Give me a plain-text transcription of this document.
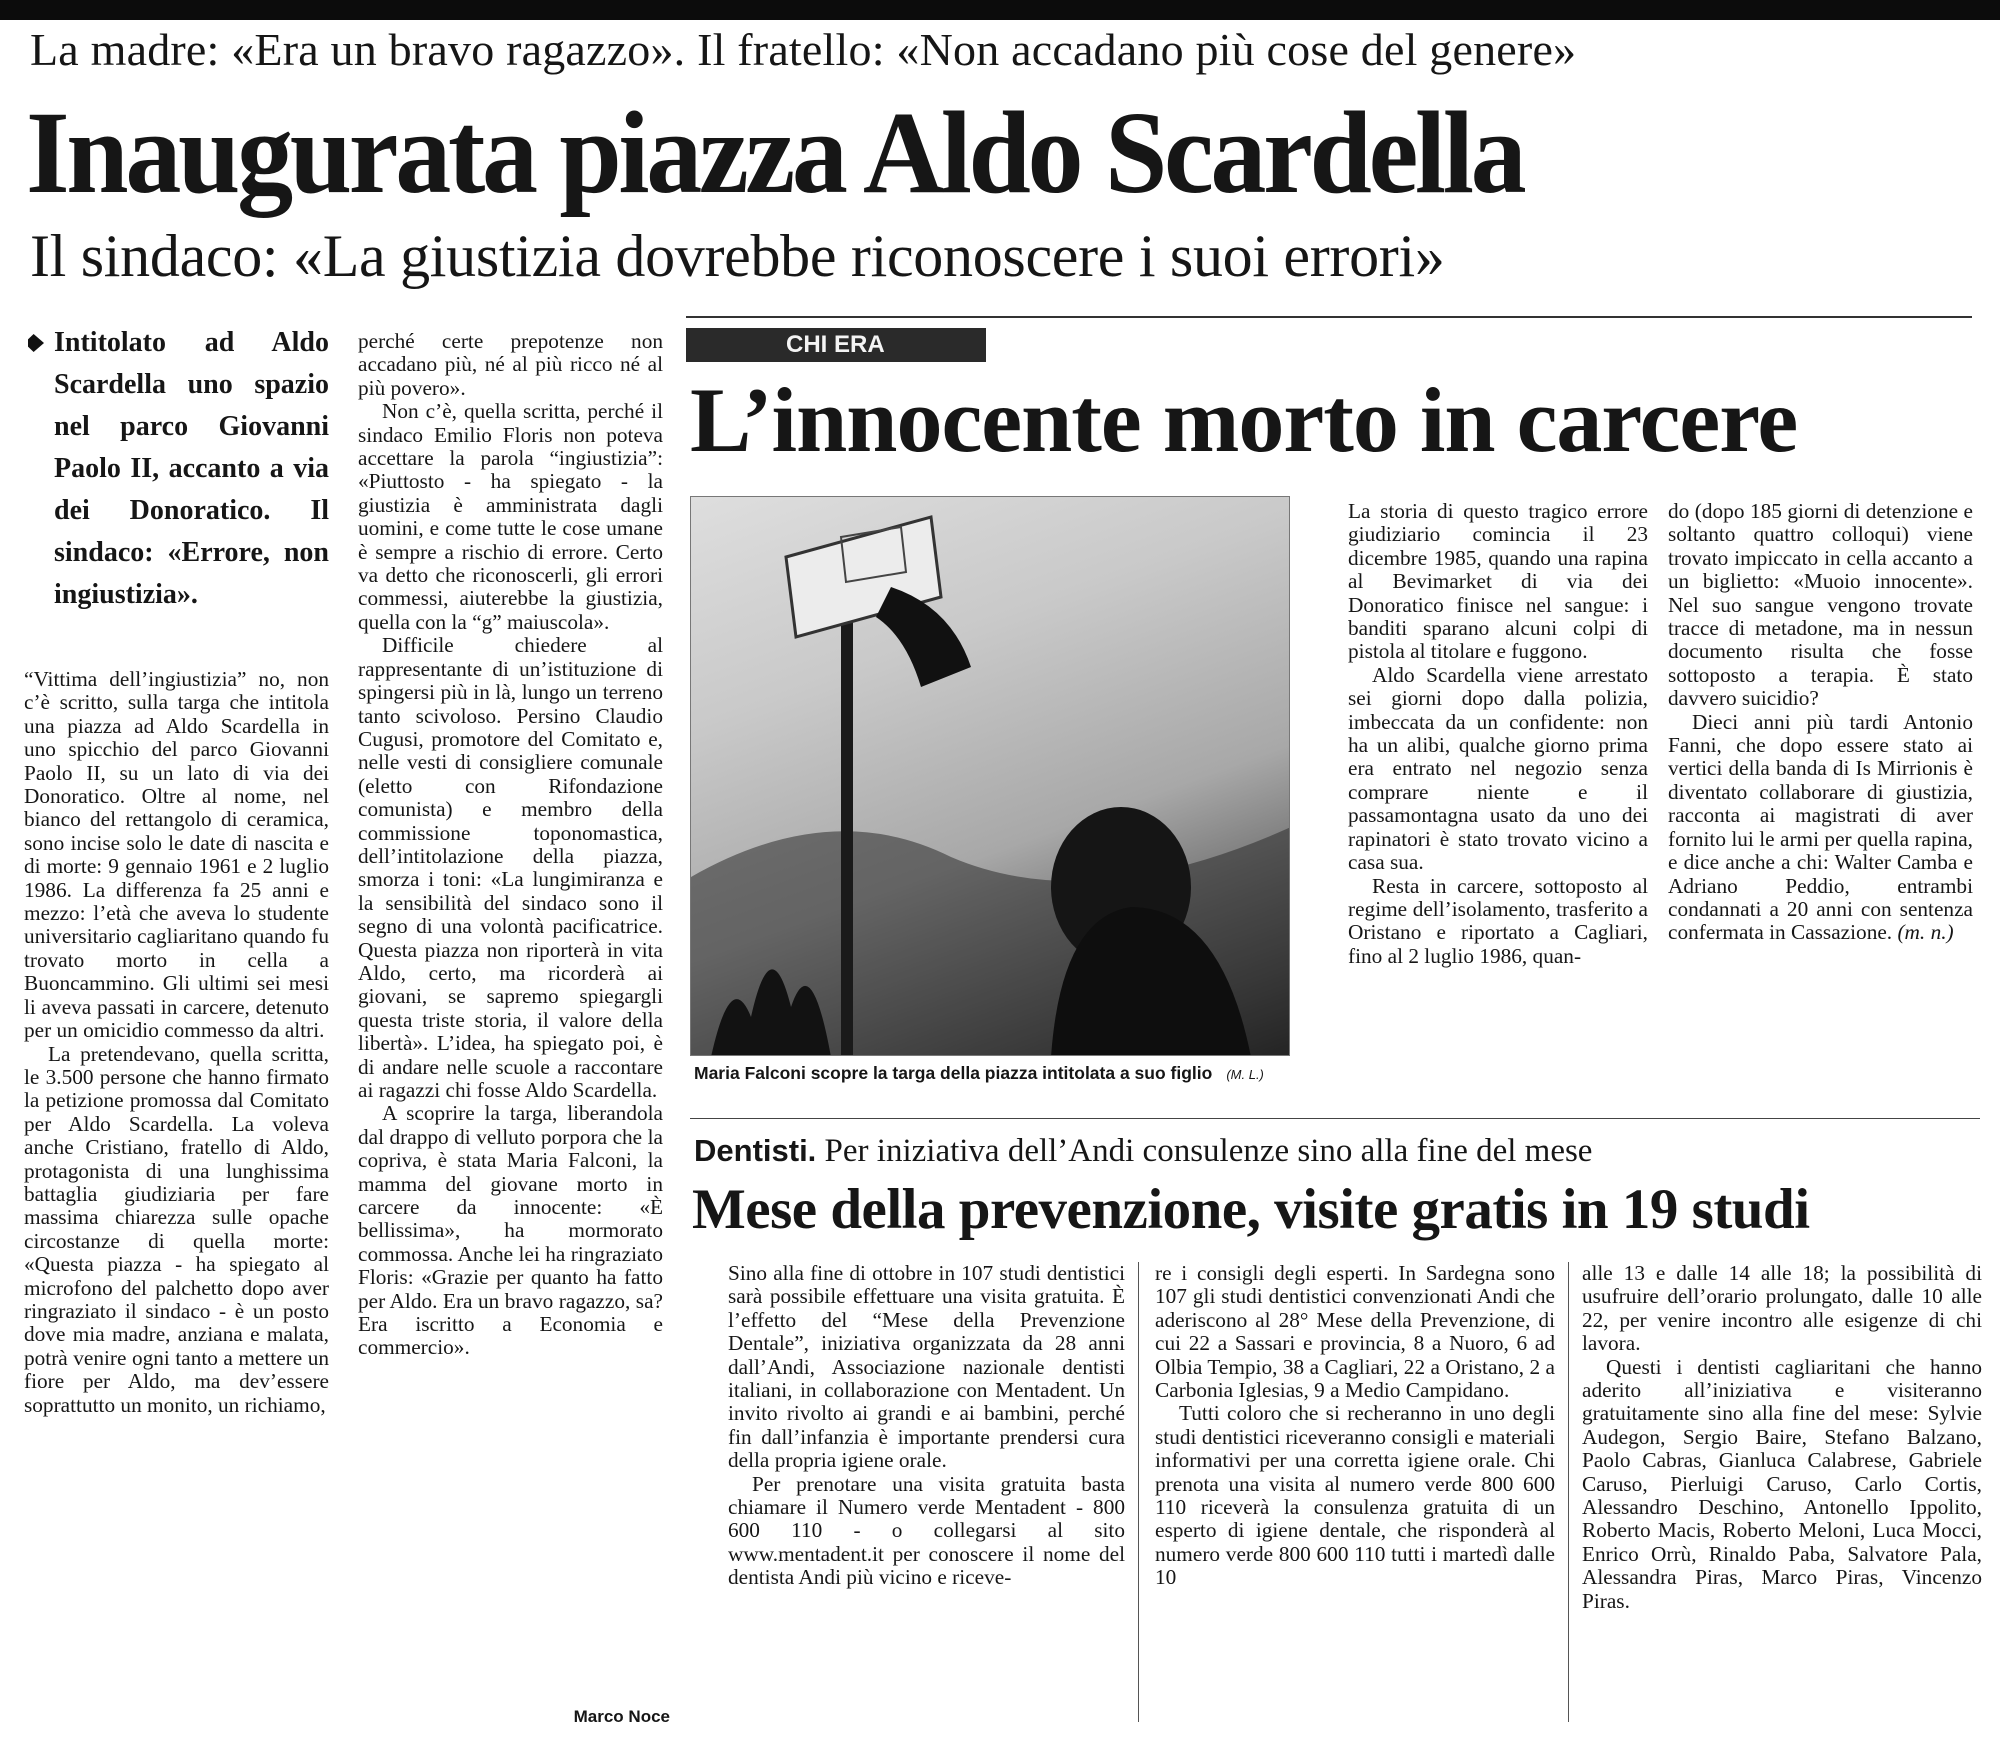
La madre: «Era un bravo ragazzo». Il fratello: «Non accadano più cose del genere»
Inaugurata piazza Aldo Scardella
Il sindaco: «La giustizia dovrebbe riconoscere i suoi errori»
Intitolato ad Aldo Scardella uno spazio nel parco Giovanni Paolo II, accanto a via dei Donoratico. Il sindaco: «Errore, non ingiustizia».

“Vittima dell’ingiustizia” no, non c’è scritto, sulla targa che intitola una piazza ad Aldo Scardella in uno spicchio del parco Giovanni Paolo II, su un lato di via dei Donoratico. Oltre al nome, nel bianco del rettangolo di ceramica, sono incise solo le date di nascita e di morte: 9 gennaio 1961 e 2 luglio 1986. La differenza fa 25 anni e mezzo: l’età che aveva lo studente universitario cagliaritano quando fu trovato morto in cella a Buoncammino. Gli ultimi sei mesi li aveva passati in carcere, detenuto per un omicidio commesso da altri.

La pretendevano, quella scritta, le 3.500 persone che hanno firmato la petizione promossa dal Comitato per Aldo Scardella. La voleva anche Cristiano, fratello di Aldo, protagonista di una lunghissima battaglia giudiziaria per fare massima chiarezza sulle opache circostanze di quella morte: «Questa piazza - ha spiegato al microfono del palchetto dopo aver ringraziato il sindaco - è un posto dove mia madre, anziana e malata, potrà venire ogni tanto a mettere un fiore per Aldo, ma dev’essere soprattutto un monito, un richiamo,

perché certe prepotenze non accadano più, né al più ricco né al più povero».

Non c’è, quella scritta, perché il sindaco Emilio Floris non poteva accettare la parola “ingiustizia”: «Piuttosto - ha spiegato - la giustizia è amministrata dagli uomini, e come tutte le cose umane è sempre a rischio di errore. Certo va detto che riconoscerli, gli errori commessi, aiuterebbe la giustizia, quella con la “g” maiuscola».

Difficile chiedere al rappresentante di un’istituzione di spingersi più in là, lungo un terreno tanto scivoloso. Persino Claudio Cugusi, promotore del Comitato e, nelle vesti di consigliere comunale (eletto con Rifondazione comunista) e membro della commissione toponomastica, dell’intitolazione della piazza, smorza i toni: «La lungimiranza e la sensibilità del sindaco sono il segno di una volontà pacificatrice. Questa piazza non riporterà in vita Aldo, certo, ma ricorderà ai giovani, se sapremo spiegargli questa triste storia, il valore della libertà». L’idea, ha spiegato poi, è di andare nelle scuole a raccontare ai ragazzi chi fosse Aldo Scardella.

A scoprire la targa, liberandola dal drappo di velluto porpora che la copriva, è stata Maria Falconi, la mamma del giovane morto in carcere da innocente: «È bellissima», ha mormorato commossa. Anche lei ha ringraziato Floris: «Grazie per quanto ha fatto per Aldo. Era un bravo ragazzo, sa? Era iscritto a Economia e commercio».

Marco Noce
CHI ERA
L’innocente morto in carcere
Maria Falconi scopre la targa della piazza intitolata a suo figlio (M. L.)

La storia di questo tragico errore giudiziario comincia il 23 dicembre 1985, quando una rapina al Bevimarket di via dei Donoratico finisce nel sangue: i banditi sparano alcuni colpi di pistola al titolare e fuggono.

Aldo Scardella viene arrestato sei giorni dopo dalla polizia, imbeccata da un confidente: non ha un alibi, qualche giorno prima era entrato nel negozio senza comprare niente e il passamontagna usato da uno dei rapinatori è stato trovato vicino a casa sua.

Resta in carcere, sottoposto al regime dell’isolamento, trasferito a Oristano e riportato a Cagliari, fino al 2 luglio 1986, quan-

do (dopo 185 giorni di detenzione e soltanto quattro colloqui) viene trovato impiccato in cella accanto a un biglietto: «Muoio innocente». Nel suo sangue vengono trovate tracce di metadone, ma in nessun documento risulta che fosse sottoposto a terapia. È stato davvero suicidio?

Dieci anni più tardi Antonio Fanni, che dopo essere stato ai vertici della banda di Is Mirrionis è diventato collaborare di giustizia, racconta ai magistrati di aver fornito lui le armi per quella rapina, e dice anche a chi: Walter Camba e Adriano Peddio, entrambi condannati a 20 anni con sentenza confermata in Cassazione. (m. n.)

Dentisti. Per iniziativa dell’Andi consulenze sino alla fine del mese
Mese della prevenzione, visite gratis in 19 studi

Sino alla fine di ottobre in 107 studi dentistici sarà possibile effettuare una visita gratuita. È l’effetto del “Mese della Prevenzione Dentale”, iniziativa organizzata da 28 anni dall’Andi, Associazione nazionale dentisti italiani, in collaborazione con Mentadent. Un invito rivolto ai grandi e ai bambini, perché fin dall’infanzia è importante prendersi cura della propria igiene orale.

Per prenotare una visita gratuita basta chiamare il Numero verde Mentadent - 800 600 110 - o collegarsi al sito www.mentadent.it per conoscere il nome del dentista Andi più vicino e riceve-

re i consigli degli esperti. In Sardegna sono 107 gli studi dentistici convenzionati Andi che aderiscono al 28° Mese della Prevenzione, di cui 22 a Sassari e provincia, 8 a Nuoro, 6 ad Olbia Tempio, 38 a Cagliari, 22 a Oristano, 2 a Carbonia Iglesias, 9 a Medio Campidano.

Tutti coloro che si recheranno in uno degli studi dentistici riceveranno consigli e materiali informativi per una corretta igiene orale. Chi prenota una visita al numero verde 800 600 110 riceverà la consulenza gratuita di un esperto di igiene dentale, che risponderà al numero verde 800 600 110 tutti i martedì dalle 10

alle 13 e dalle 14 alle 18; la possibilità di usufruire dell’orario prolungato, dalle 10 alle 22, per venire incontro alle esigenze di chi lavora.

Questi i dentisti cagliaritani che hanno aderito all’iniziativa e visiteranno gratuitamente sino alla fine del mese: Sylvie Audegon, Sergio Baire, Stefano Balzano, Paolo Cabras, Gianluca Calabrese, Gabriele Caruso, Pierluigi Caruso, Carlo Cortis, Alessandro Deschino, Antonello Ippolito, Roberto Macis, Roberto Meloni, Luca Mocci, Enrico Orrù, Rinaldo Paba, Salvatore Pala, Alessandra Piras, Marco Piras, Vincenzo Piras.
